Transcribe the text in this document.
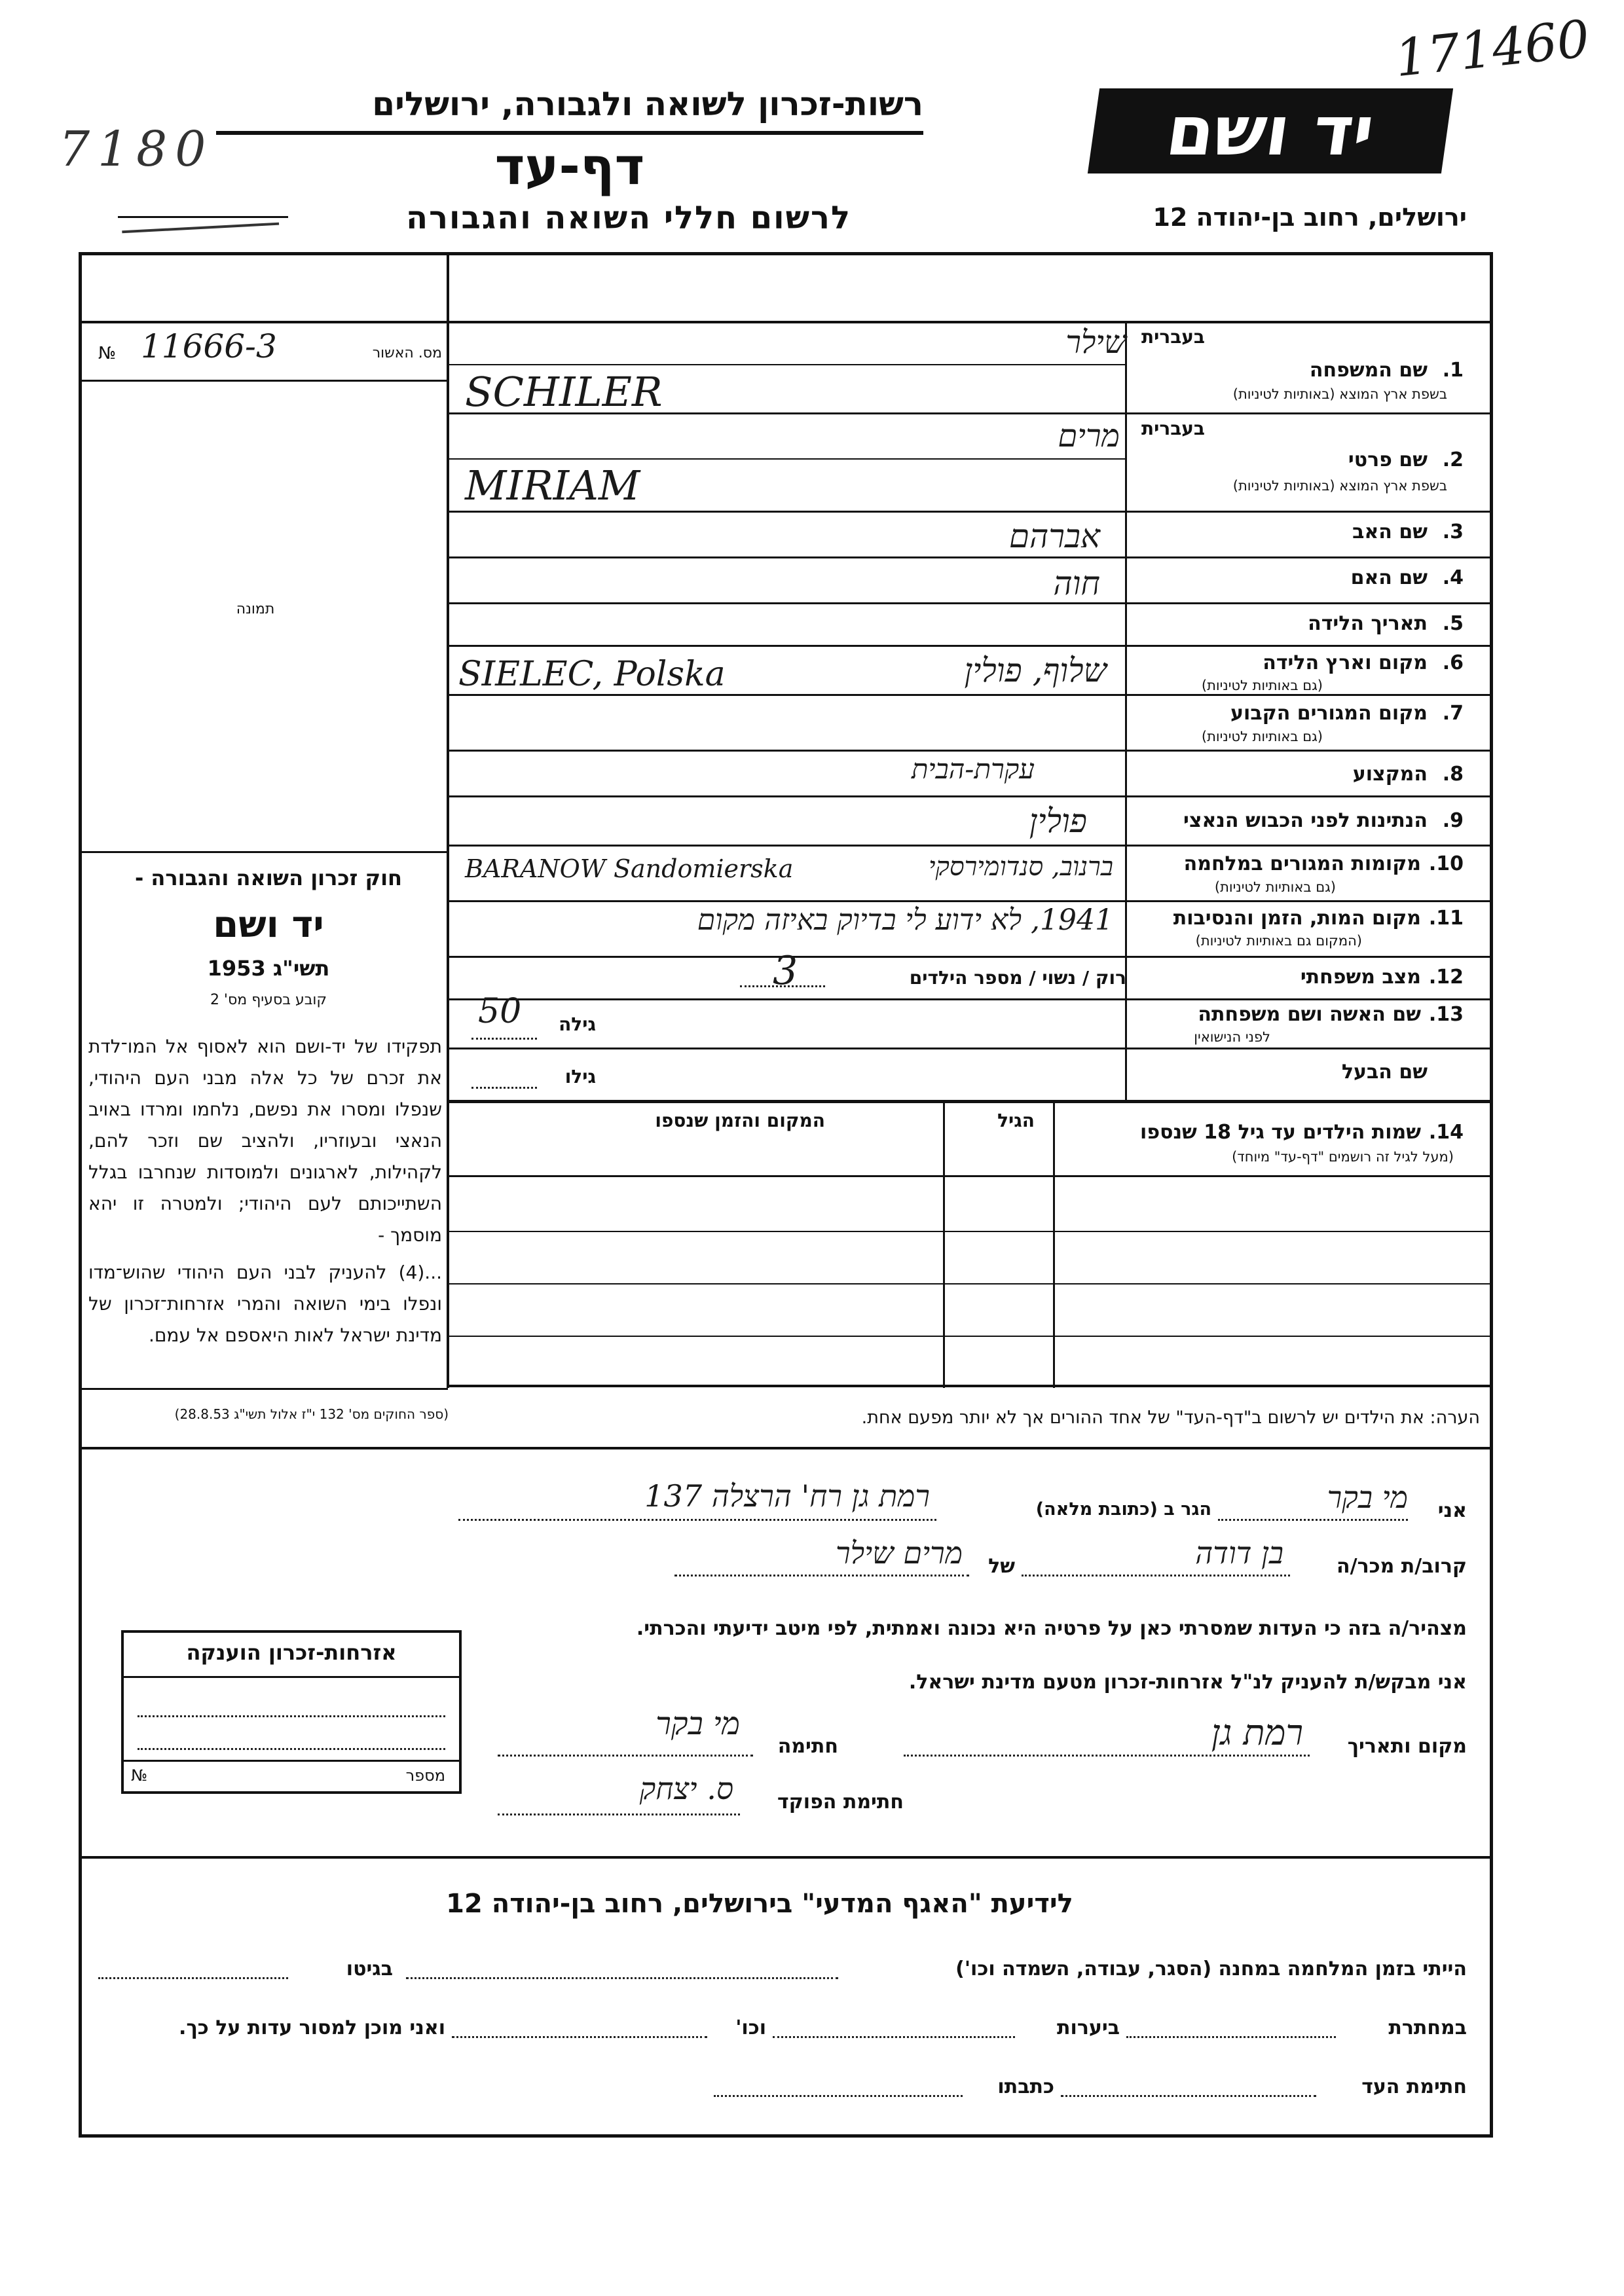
171460
7180
רשות-זכרון לשואה ולגבורה, ירושלים
דף-עד
לרשום חללי השואה והגבורה
יד ושם
ירושלים, רחוב בן-יהודה 12
מס. האשור
11666-3
№
תמונה
בעברית
1.
שם המשפחה
בשפת ארץ המוצא (באותיות לטיניות)
שילר
SCHILER
בעברית
2.
שם פרטי
בשפת ארץ המוצא (באותיות לטיניות)
מרים
MIRIAM
3.
שם האב
אברהם
4.
שם האם
חוה
5.
תאריך הלידה
6.
מקום וארץ הלידה
(גם באותיות לטיניות)
שלוף, פולין
SIELEC, Polska
7.
מקום המגורים הקבוע
(גם באותיות לטיניות)
8.
המקצוע
עקרת-הבית
9.
הנתינות לפני הכבוש הנאצי
פולין
10.
מקומות המגורים במלחמה
(גם באותיות לטיניות)
ברנוב, סנדומירסקי
BARANOW Sandomierska
11.
מקום המות, הזמן והנסיבות
(המקום גם באותיות לטיניות)
1941, לא ידוע לי בדיוק באיזה מקום
12.
מצב משפחתי
רוק / נשוי / מספר הילדים
3
13.
שם האשה ושם משפחתה
לפני הנישואין
גילה
50
שם הבעל
גילו
14.
שמות הילדים עד גיל 18 שנספו
(מעל לגיל זה רושמים "דף-עד" מיוחד)
הגיל
המקום והזמן שנספו
חוק זכרון השואה והגבורה -
יד ושם
תשי"ג 1953
קובע בסעיף מס' 2
תפקידו של יד-ושם הוא לאסוף אל המו־לדת את זכרם של כל אלה מבני העם היהודי, שנפלו ומסרו את נפשם, נלחמו ומרדו באויב הנאצי ובעוזריו, ולהציב שם וזכר להם, לקהילות, לארגונים ולמוסדות שנחרבו בגלל השתייכותם לעם היהודי; ולמטרה זו יהא מוסמך -
...(4) להעניק לבני העם היהודי שהוש־מדו ונפלו בימי השואה והמרי אזרחות־זכרון של מדינת ישראל לאות היאספם אל עמם.
(ספר החוקים מס' 132 י"ז אלול תשי"ג 28.8.53)	הערה: את הילדים יש לרשום ב"דף-העד" של אחד ההורים אך לא יותר מפעם אחת.
אני
מי בקר
הגר ב (כתובת מלאה)
רמת גן רח' הרצלה 137
קרוב/ת מכר/ה
בן דודה
של
מרים שילר
מצהיר/ה בזה כי העדות שמסרתי כאן על פרטיה היא נכונה ואמתית, לפי מיטב ידיעתי והכרתי.
אני מבקש/ת להעניק לנ"ל אזרחות-זכרון מטעם מדינת ישראל.
מקום ותאריך
רמת גן
חתימה
מי בקר
חתימת הפוקד
ס. יצחק
אזרחות-זכרון הוענקה
מספר
№
לידיעת "האגף המדעי" בירושלים, רחוב בן-יהודה 12
הייתי בזמן המלחמה במחנה (הסגר, עבודה, השמדה וכו')
בגיטו
במחתרת
ביערות
וכו'
ואני מוכן למסור עדות על כך.
חתימת העד
כתבתו
